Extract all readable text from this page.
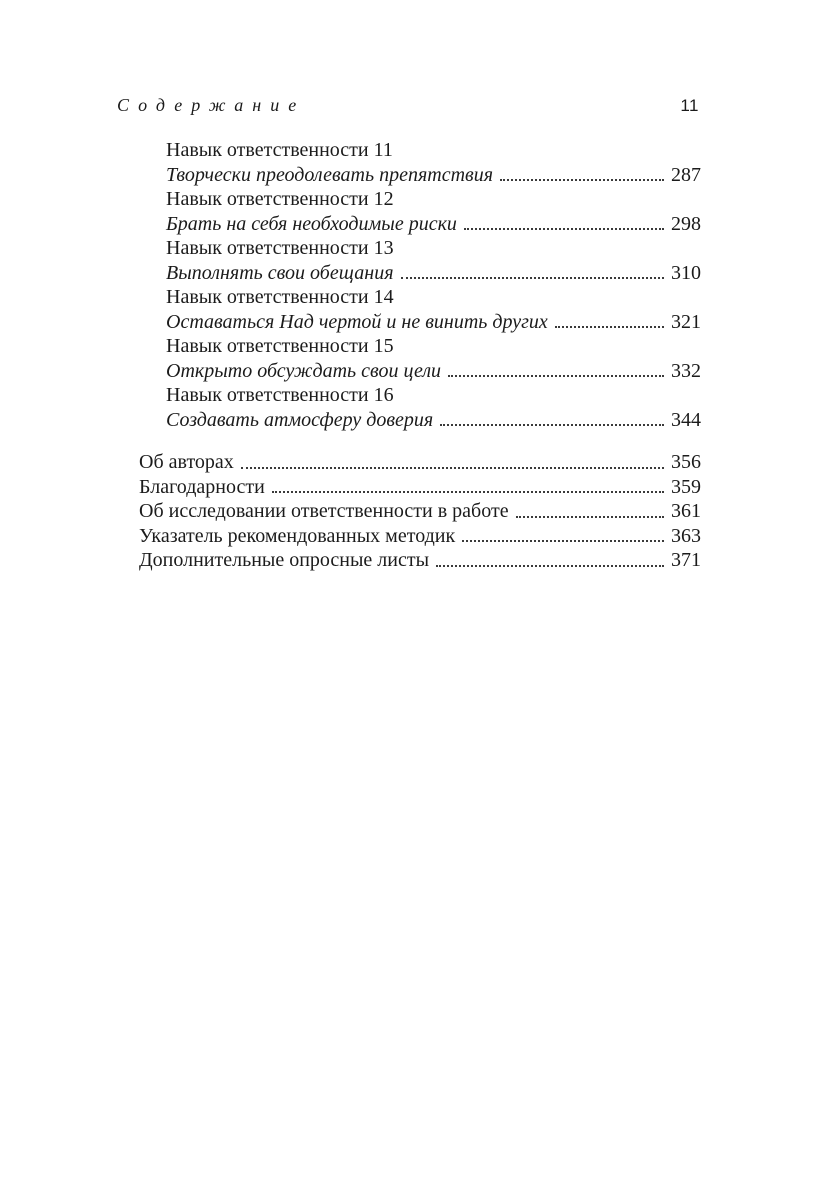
Содержание	11
Навык ответственности 11
Творчески преодолевать препятствия	287
Навык ответственности 12
Брать на себя необходимые риски	298
Навык ответственности 13
Выполнять свои обещания	310
Навык ответственности 14
Оставаться Над чертой и не винить других	321
Навык ответственности 15
Открыто обсуждать свои цели	332
Навык ответственности 16
Создавать атмосферу доверия	344
Об авторах	356
Благодарности	359
Об исследовании ответственности в работе	361
Указатель рекомендованных методик	363
Дополнительные опросные листы	371
